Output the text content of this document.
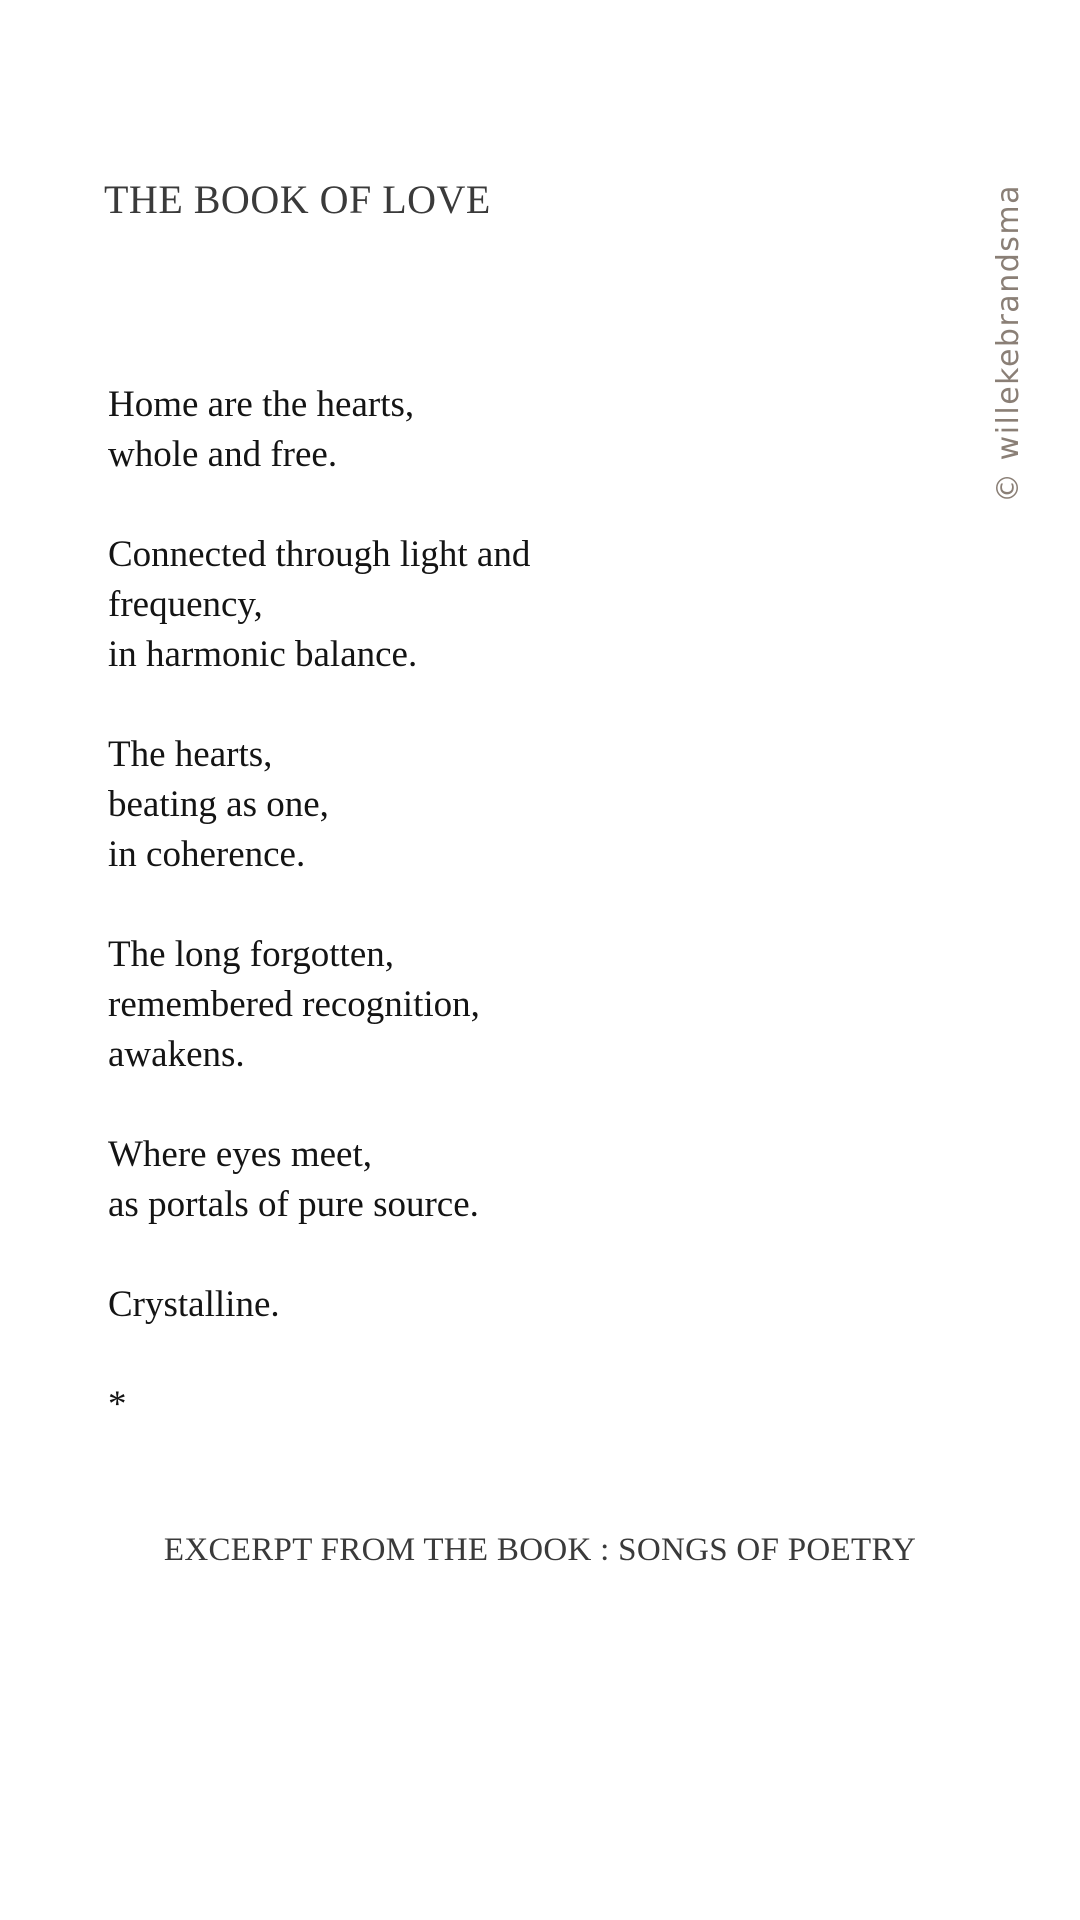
THE BOOK OF LOVE	© willekebrandsma
Home are the hearts,
whole and free.
Connected through light and
frequency,
in harmonic balance.
The hearts,
beating as one,
in coherence.
The long forgotten,
remembered recognition,
awakens.
Where eyes meet,
as portals of pure source.
Crystalline.
*
EXCERPT FROM THE BOOK : SONGS OF POETRY
